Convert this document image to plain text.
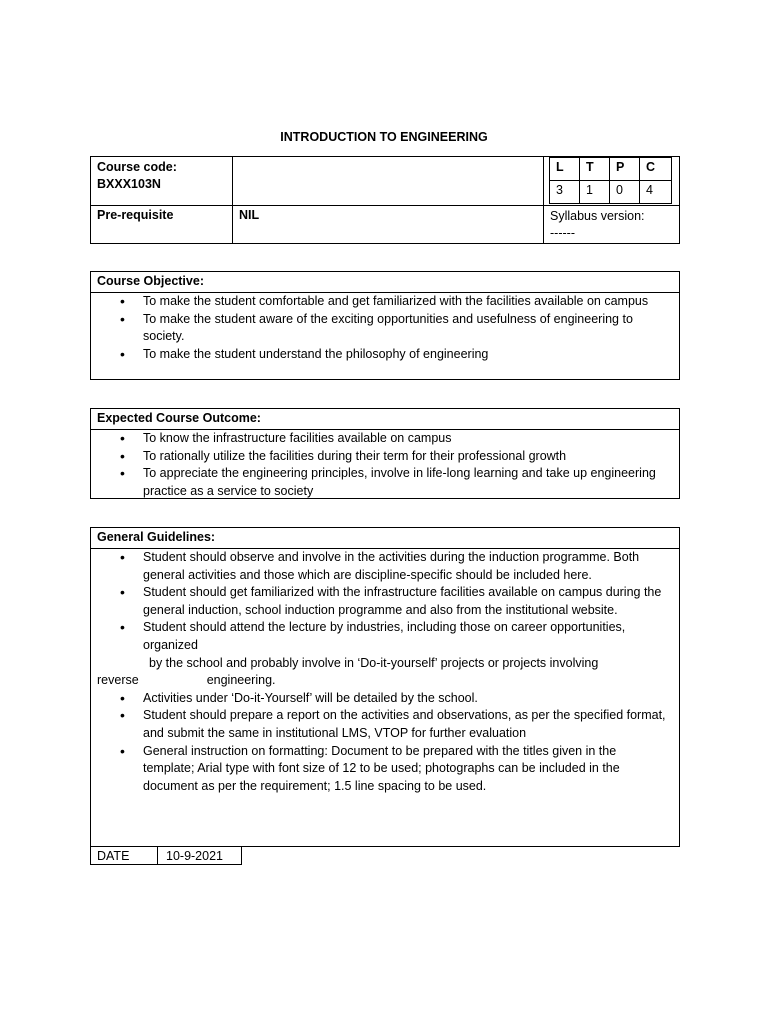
INTRODUCTION TO ENGINEERING
Course code:
BXXX103N
L	T	P	C
3	1	0	4
Pre-requisite	NIL	Syllabus version:
------
Course Objective:
• To make the student comfortable and get familiarized with the facilities available on campus
• To make the student aware of the exciting opportunities and usefulness of engineering to society.
• To make the student understand the philosophy of engineering
Expected Course Outcome:
• To know the infrastructure facilities available on campus
• To rationally utilize the facilities during their term for their professional growth
• To appreciate the engineering principles, involve in life-long learning and take up engineering practice as a service to society
General Guidelines:
• Student should observe and involve in the activities during the induction programme. Both general activities and those which are discipline-specific should be included here.
• Student should get familiarized with the infrastructure facilities available on campus during the general induction, school induction programme and also from the institutional website.
• Student should attend the lecture by industries, including those on career opportunities, organized
by the school and probably involve in ‘Do-it-yourself’ projects or projects involving
reverse	engineering.
• Activities under ‘Do-it-Yourself’ will be detailed by the school.
• Student should prepare a report on the activities and observations, as per the specified format, and submit the same in institutional LMS, VTOP for further evaluation
• General instruction on formatting: Document to be prepared with the titles given in the template; Arial type with font size of 12 to be used; photographs can be included in the document as per the requirement; 1.5 line spacing to be used.
DATE	10-9-2021
